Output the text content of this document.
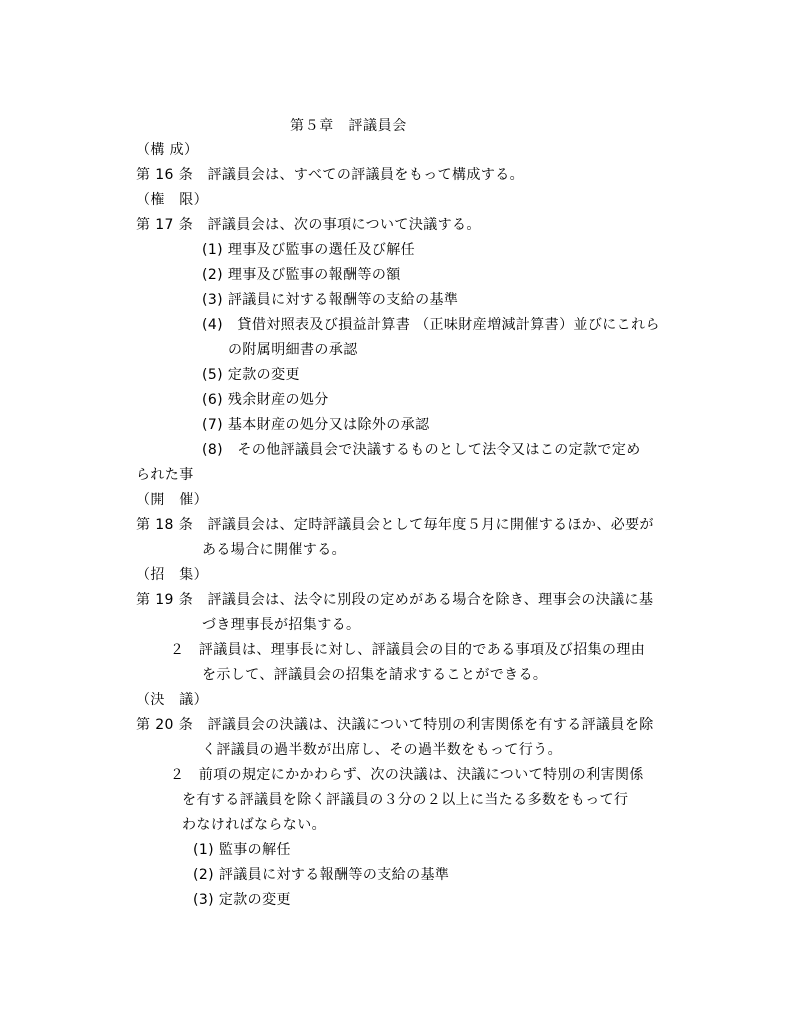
第５章　評議員会
（構 成）
第 16 条　評議員会は、すべての評議員をもって構成する。
（権　限）
第 17 条　評議員会は、次の事項について決議する。
(1) 理事及び監事の選任及び解任
(2) 理事及び監事の報酬等の額
(3) 評議員に対する報酬等の支給の基準
(4)　貸借対照表及び損益計算書 （正味財産増減計算書）並びにこれら
の附属明細書の承認
(5) 定款の変更
(6) 残余財産の処分
(7) 基本財産の処分又は除外の承認
(8)　その他評議員会で決議するものとして法令又はこの定款で定め
られた事
（開　催）
第 18 条　評議員会は、定時評議員会として毎年度５月に開催するほか、必要が
ある場合に開催する。
（招　集）
第 19 条　評議員会は、法令に別段の定めがある場合を除き、理事会の決議に基
づき理事長が招集する。
２　評議員は、理事長に対し、評議員会の目的である事項及び招集の理由
を示して、評議員会の招集を請求することができる。
（決　議）
第 20 条　評議員会の決議は、決議について特別の利害関係を有する評議員を除
く評議員の過半数が出席し、その過半数をもって行う。
２　前項の規定にかかわらず、次の決議は、決議について特別の利害関係
を有する評議員を除く評議員の３分の２以上に当たる多数をもって行
わなければならない。
(1) 監事の解任
(2) 評議員に対する報酬等の支給の基準
(3) 定款の変更
